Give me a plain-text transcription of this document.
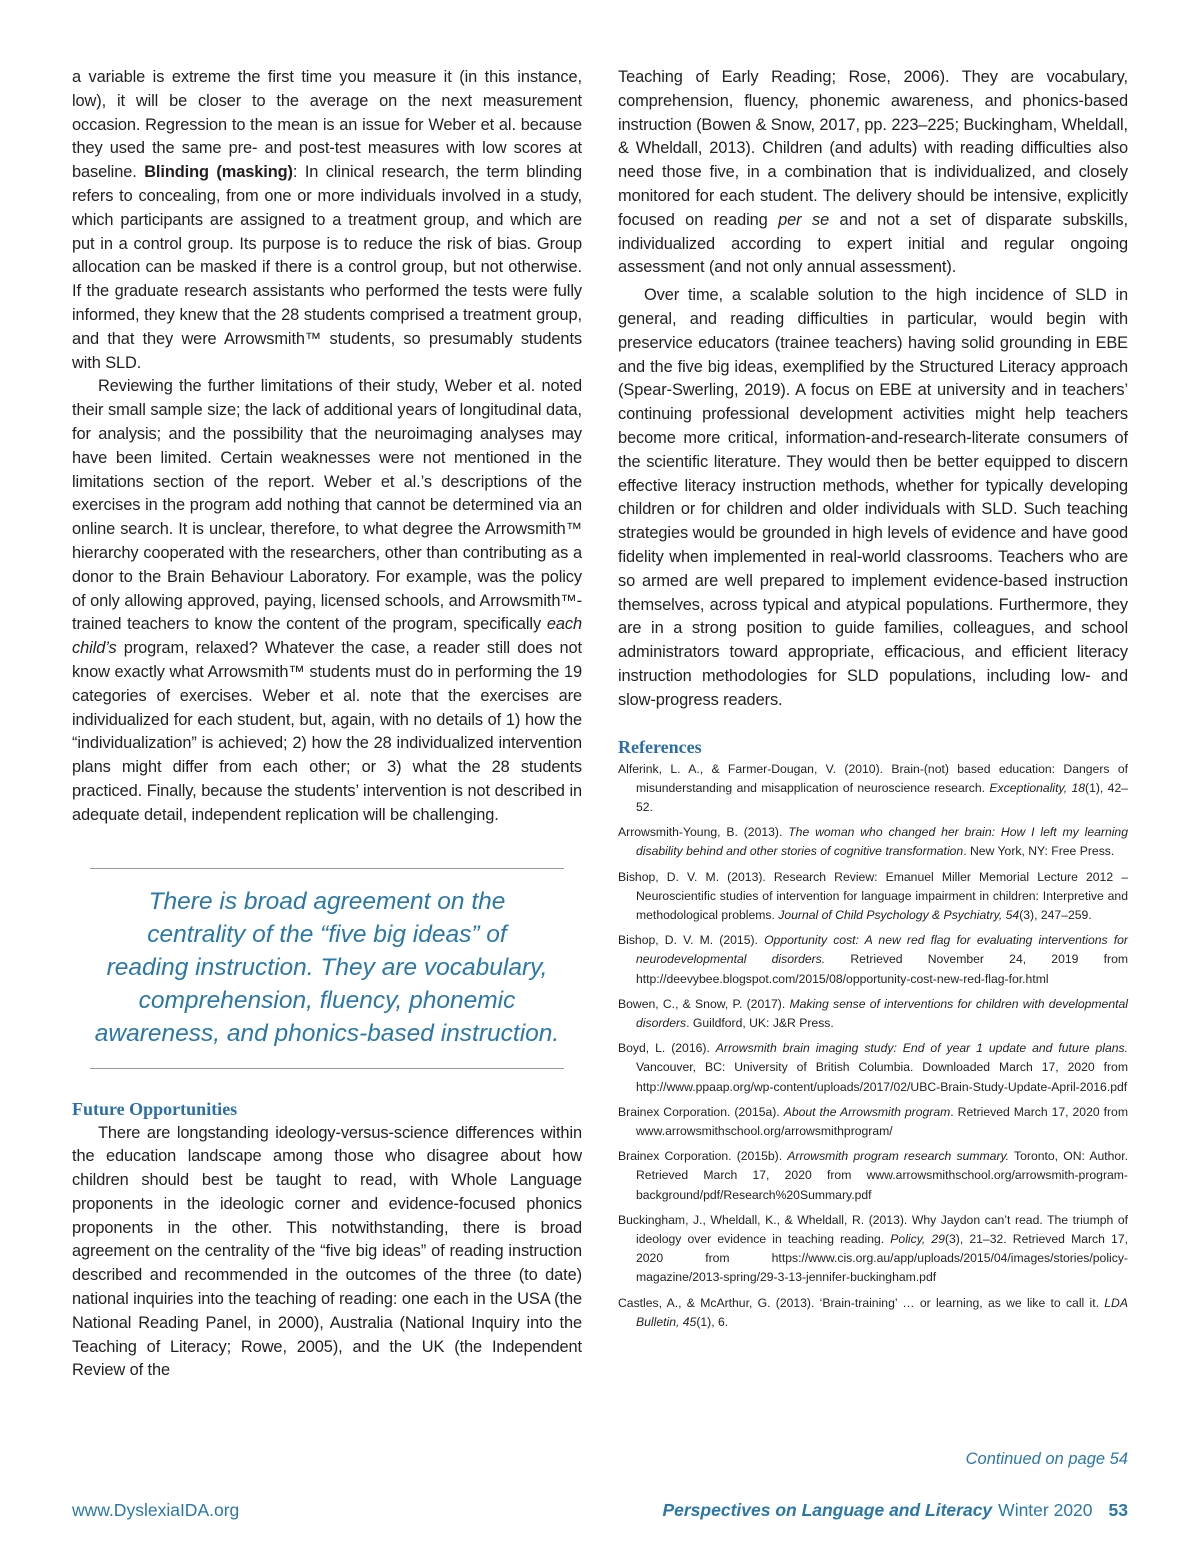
a variable is extreme the first time you measure it (in this instance, low), it will be closer to the average on the next measurement occasion. Regression to the mean is an issue for Weber et al. because they used the same pre- and post-test measures with low scores at baseline. Blinding (masking): In clinical research, the term blinding refers to concealing, from one or more individuals involved in a study, which participants are assigned to a treatment group, and which are put in a control group. Its purpose is to reduce the risk of bias. Group allocation can be masked if there is a control group, but not otherwise. If the graduate research assistants who performed the tests were fully informed, they knew that the 28 students comprised a treatment group, and that they were Arrowsmith™ students, so presumably students with SLD.

Reviewing the further limitations of their study, Weber et al. noted their small sample size; the lack of additional years of longitudinal data, for analysis; and the possibility that the neuroimaging analyses may have been limited. Certain weaknesses were not mentioned in the limitations section of the report. Weber et al.’s descriptions of the exercises in the program add nothing that cannot be determined via an online search. It is unclear, therefore, to what degree the Arrowsmith™ hierarchy cooperated with the researchers, other than contributing as a donor to the Brain Behaviour Laboratory. For example, was the policy of only allowing approved, paying, licensed schools, and Arrowsmith™-trained teachers to know the content of the program, specifically each child’s program, relaxed? Whatever the case, a reader still does not know exactly what Arrowsmith™ students must do in performing the 19 categories of exercises. Weber et al. note that the exercises are individualized for each student, but, again, with no details of 1) how the “individualization” is achieved; 2) how the 28 individualized intervention plans might differ from each other; or 3) what the 28 students practiced. Finally, because the students’ intervention is not described in adequate detail, independent replication will be challenging.

There is broad agreement on the
centrality of the “five big ideas” of
reading instruction. They are vocabulary,
comprehension, fluency, phonemic
awareness, and phonics-based instruction.
Future Opportunities

There are longstanding ideology-versus-science differences within the education landscape among those who disagree about how children should best be taught to read, with Whole Language proponents in the ideologic corner and evidence-focused phonics proponents in the other. This notwithstanding, there is broad agreement on the centrality of the “five big ideas” of reading instruction described and recommended in the outcomes of the three (to date) national inquiries into the teaching of reading: one each in the USA (the National Reading Panel, in 2000), Australia (National Inquiry into the Teaching of Literacy; Rowe, 2005), and the UK (the Independent Review of the

Teaching of Early Reading; Rose, 2006). They are vocabulary, comprehension, fluency, phonemic awareness, and phonics-based instruction (Bowen & Snow, 2017, pp. 223–225; Buckingham, Wheldall, & Wheldall, 2013). Children (and adults) with reading difficulties also need those five, in a combination that is individualized, and closely monitored for each student. The delivery should be intensive, explicitly focused on reading per se and not a set of disparate subskills, individualized according to expert initial and regular ongoing assessment (and not only annual assessment).

Over time, a scalable solution to the high incidence of SLD in general, and reading difficulties in particular, would begin with preservice educators (trainee teachers) having solid grounding in EBE and the five big ideas, exemplified by the Structured Literacy approach (Spear-Swerling, 2019). A focus on EBE at university and in teachers’ continuing professional development activities might help teachers become more critical, information-and-research-literate consumers of the scientific literature. They would then be better equipped to discern effective literacy instruction methods, whether for typically developing children or for children and older individuals with SLD. Such teaching strategies would be grounded in high levels of evidence and have good fidelity when implemented in real-world classrooms. Teachers who are so armed are well prepared to implement evidence-based instruction themselves, across typical and atypical populations. Furthermore, they are in a strong position to guide families, colleagues, and school administrators toward appropriate, efficacious, and efficient literacy instruction methodologies for SLD populations, including low- and slow-progress readers.

References

Alferink, L. A., & Farmer-Dougan, V. (2010). Brain-(not) based education: Dangers of misunderstanding and misapplication of neuroscience research. Exceptionality, 18(1), 42–52.

Arrowsmith-Young, B. (2013). The woman who changed her brain: How I left my learning disability behind and other stories of cognitive transformation. New York, NY: Free Press.

Bishop, D. V. M. (2013). Research Review: Emanuel Miller Memorial Lecture 2012 – Neuroscientific studies of intervention for language impairment in children: Interpretive and methodological problems. Journal of Child Psychology & Psychiatry, 54(3), 247–259.

Bishop, D. V. M. (2015). Opportunity cost: A new red flag for evaluating interventions for neurodevelopmental disorders. Retrieved November 24, 2019 from http://deevybee.blogspot.com/2015/08/opportunity-cost-new-red-flag-for.html

Bowen, C., & Snow, P. (2017). Making sense of interventions for children with developmental disorders. Guildford, UK: J&R Press.

Boyd, L. (2016). Arrowsmith brain imaging study: End of year 1 update and future plans. Vancouver, BC: University of British Columbia. Downloaded March 17, 2020 from http://www.ppaap.org/wp-content/uploads/2017/02/UBC-Brain-Study-Update-April-2016.pdf

Brainex Corporation. (2015a). About the Arrowsmith program. Retrieved March 17, 2020 from www.arrowsmithschool.org/arrowsmithprogram/

Brainex Corporation. (2015b). Arrowsmith program research summary. Toronto, ON: Author. Retrieved March 17, 2020 from www.arrowsmithschool.org/arrowsmith-program-background/pdf/Research%20Summary.pdf

Buckingham, J., Wheldall, K., & Wheldall, R. (2013). Why Jaydon can’t read. The triumph of ideology over evidence in teaching reading. Policy, 29(3), 21–32. Retrieved March 17, 2020 from https://www.cis.org.au/app/uploads/2015/04/images/stories/policy-magazine/2013-spring/29-3-13-jennifer-buckingham.pdf

Castles, A., & McArthur, G. (2013). ‘Brain-training’ … or learning, as we like to call it. LDA Bulletin, 45(1), 6.

Continued on page 54
www.DyslexiaIDA.org	Perspectives on Language and Literacy Winter 2020 53
